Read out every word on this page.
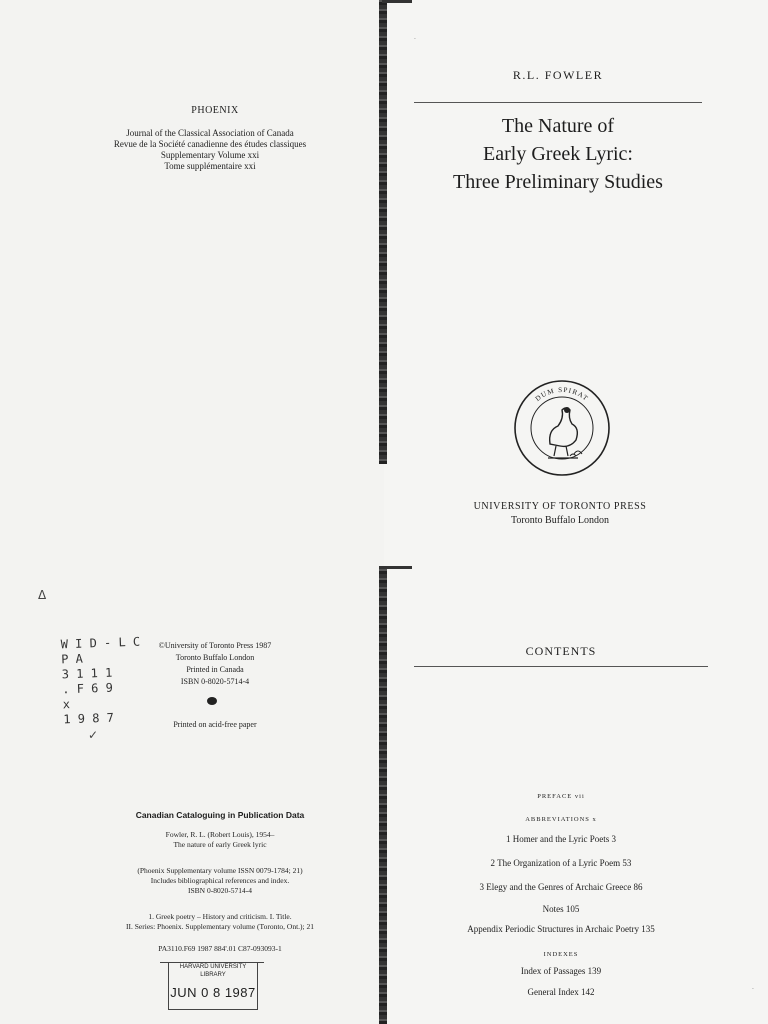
PHOENIX
Journal of the Classical Association of Canada
Revue de la Société canadienne des études classiques
Supplementary Volume xxi
Tome supplémentaire xxi
R.L. FOWLER
The Nature of
Early Greek Lyric:
Three Preliminary Studies
DUM SPIRAT
UNIVERSITY OF TORONTO PRESS
Toronto Buffalo London
Δ
W I D - L C
P A
3 1 1 1
. F 6 9
x
1 9 8 7
✓
©University of Toronto Press 1987
Toronto Buffalo London
Printed in Canada
ISBN 0-8020-5714-4
Printed on acid-free paper
Canadian Cataloguing in Publication Data
Fowler, R. L. (Robert Louis), 1954–
The nature of early Greek lyric
(Phoenix Supplementary volume ISSN 0079-1784; 21)
Includes bibliographical references and index.
ISBN 0-8020-5714-4
1. Greek poetry – History and criticism. I. Title.
II. Series: Phoenix. Supplementary volume (Toronto, Ont.); 21
PA3110.F69 1987 884'.01 C87-093093-1
HARVARD UNIVERSITY
LIBRARY
JUN 0 8 1987
CONTENTS
PREFACE vii
ABBREVIATIONS x
1 Homer and the Lyric Poets 3
2 The Organization of a Lyric Poem 53
3 Elegy and the Genres of Archaic Greece 86
Notes 105
Appendix Periodic Structures in Archaic Poetry 135
INDEXES
Index of Passages 139
General Index 142
·
·
